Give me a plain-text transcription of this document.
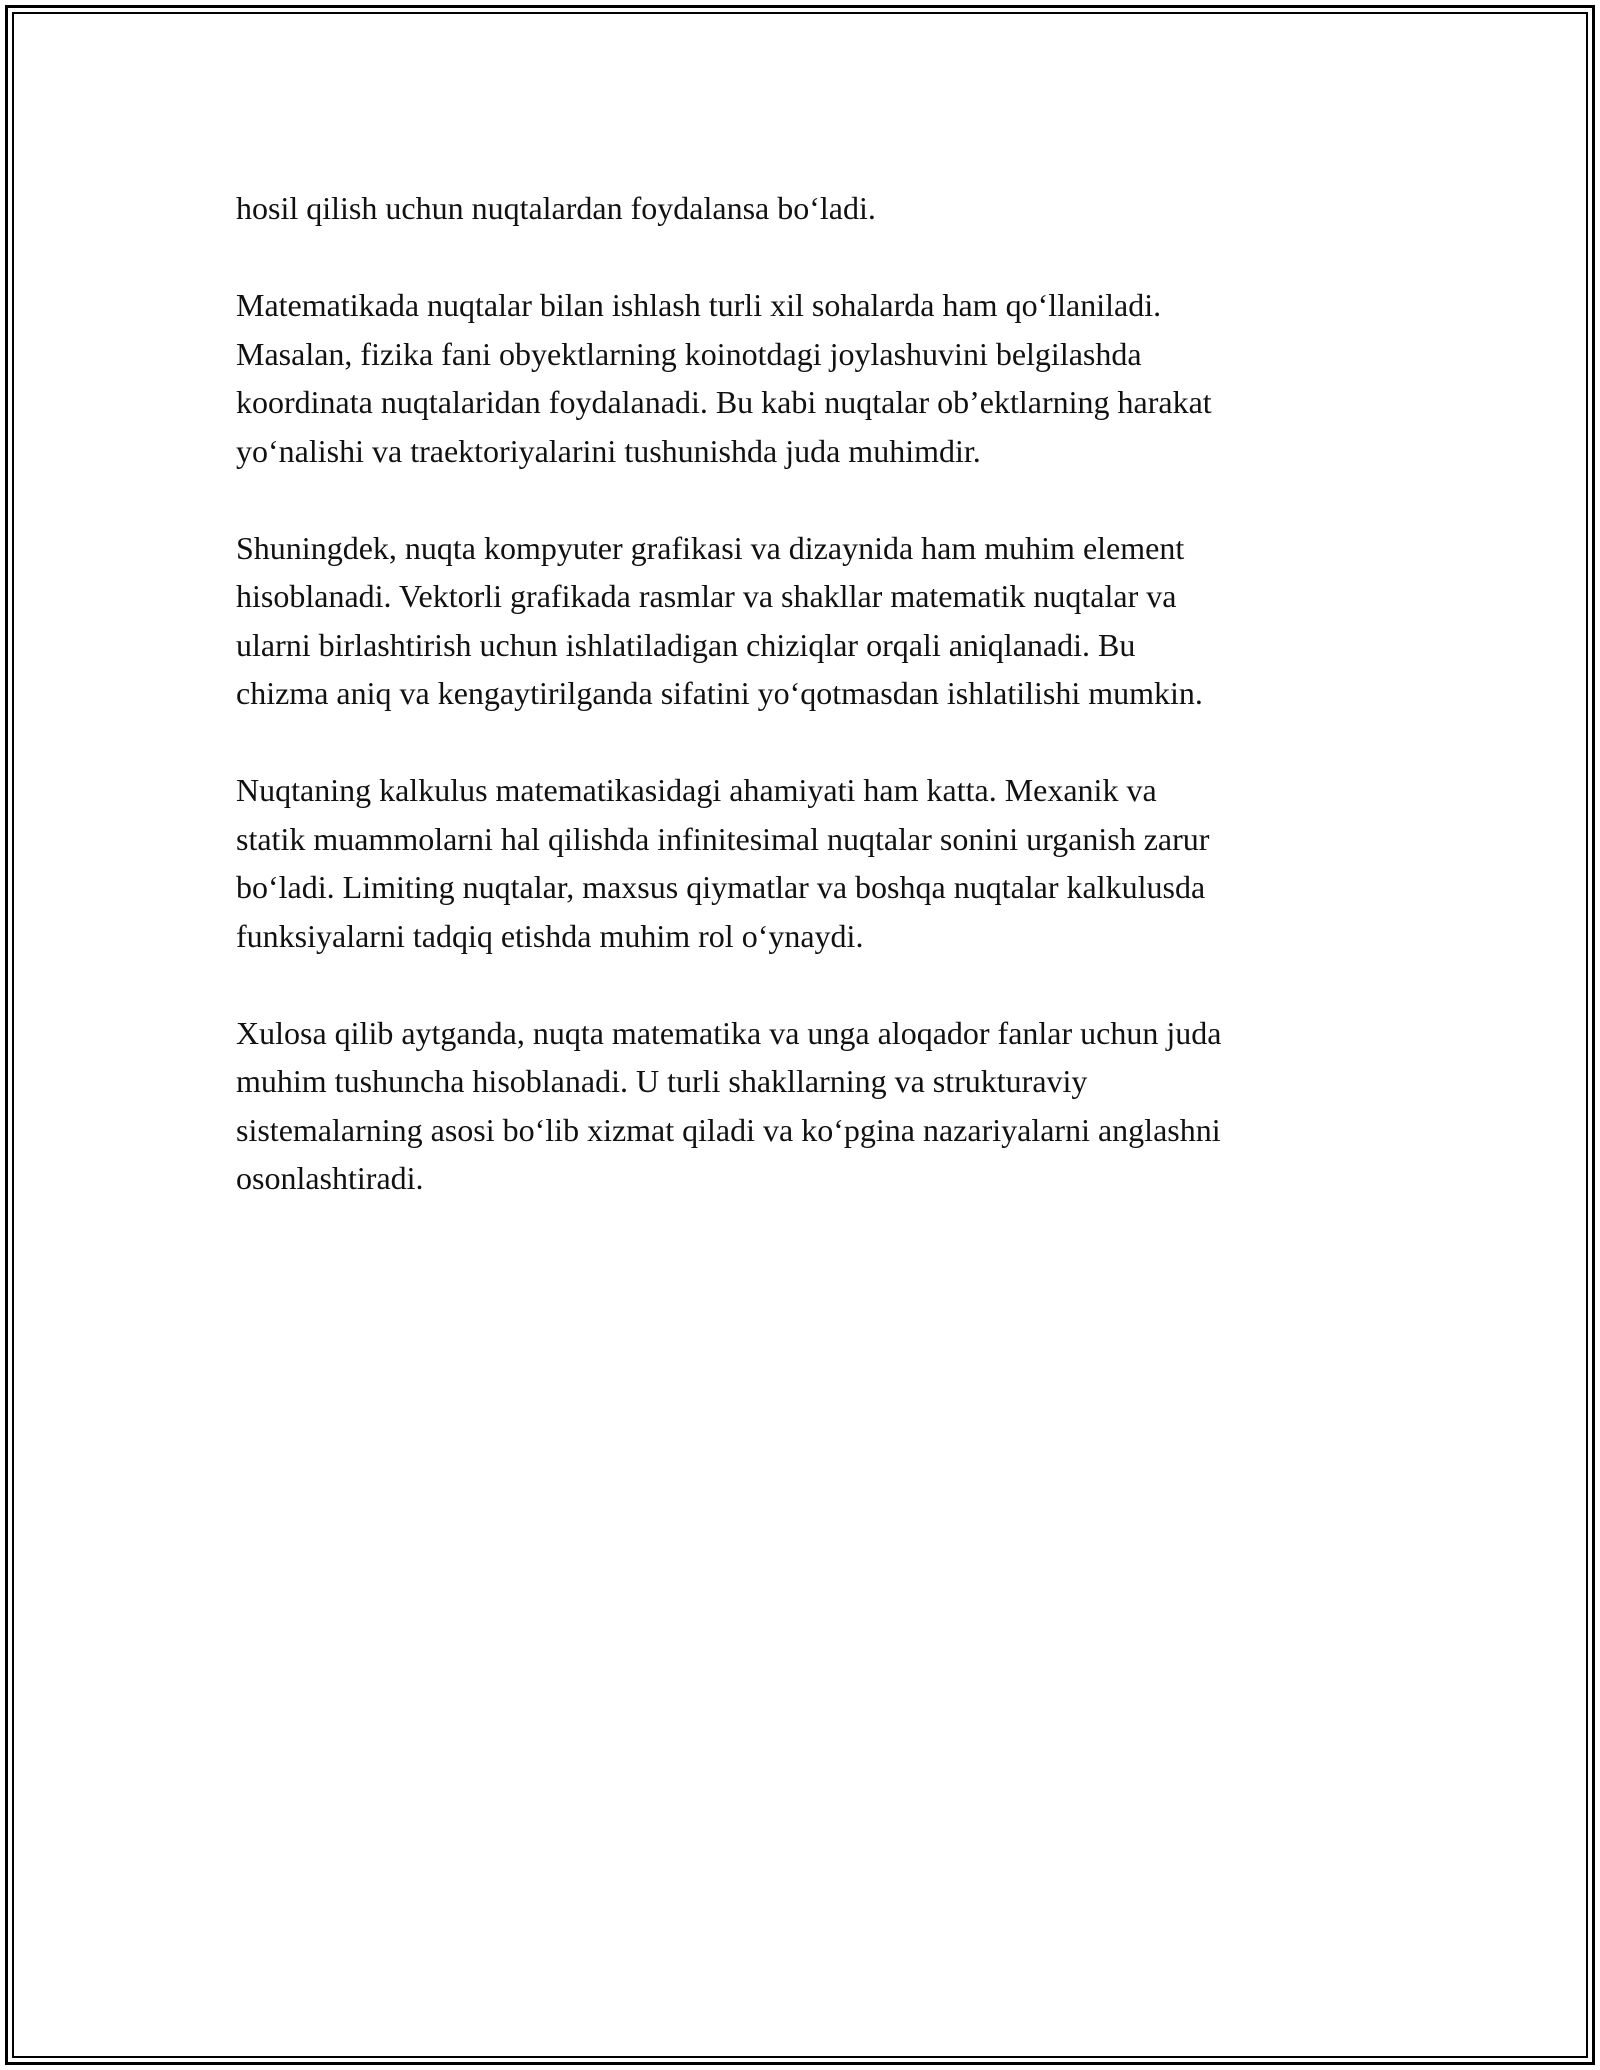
hosil qilish uchun nuqtalardan foydalansa bo‘ladi.

Matematikada nuqtalar bilan ishlash turli xil sohalarda ham qo‘llaniladi.
Masalan, fizika fani obyektlarning koinotdagi joylashuvini belgilashda
koordinata nuqtalaridan foydalanadi. Bu kabi nuqtalar ob’ektlarning harakat
yo‘nalishi va traektoriyalarini tushunishda juda muhimdir.

Shuningdek, nuqta kompyuter grafikasi va dizaynida ham muhim element
hisoblanadi. Vektorli grafikada rasmlar va shakllar matematik nuqtalar va
ularni birlashtirish uchun ishlatiladigan chiziqlar orqali aniqlanadi. Bu
chizma aniq va kengaytirilganda sifatini yo‘qotmasdan ishlatilishi mumkin.

Nuqtaning kalkulus matematikasidagi ahamiyati ham katta. Mexanik va
statik muammolarni hal qilishda infinitesimal nuqtalar sonini urganish zarur
bo‘ladi. Limiting nuqtalar, maxsus qiymatlar va boshqa nuqtalar kalkulusda
funksiyalarni tadqiq etishda muhim rol o‘ynaydi.

Xulosa qilib aytganda, nuqta matematika va unga aloqador fanlar uchun juda
muhim tushuncha hisoblanadi. U turli shakllarning va strukturaviy
sistemalarning asosi bo‘lib xizmat qiladi va ko‘pgina nazariyalarni anglashni
osonlashtiradi.
